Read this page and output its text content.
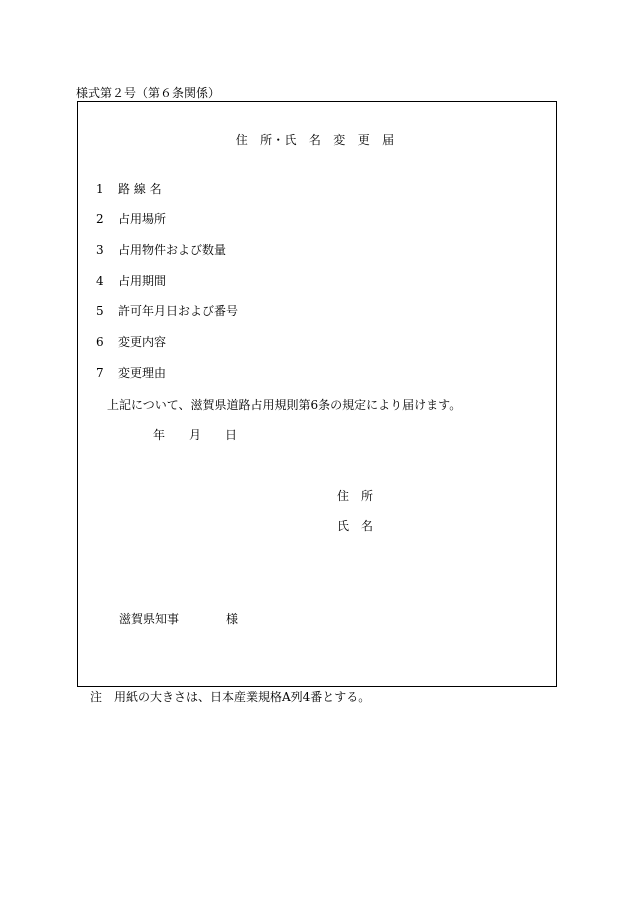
様式第２号（第６条関係）
住　所・氏　名　変　更　届
1 路 線 名
2 占用場所
3 占用物件および数量
4 占用期間
5 許可年月日および番号
6 変更内容
7 変更理由
上記について、滋賀県道路占用規則第6条の規定により届けます。
年 月 日
住　所
氏　名
滋賀県知事	様
注　用紙の大きさは、日本産業規格A列4番とする。
